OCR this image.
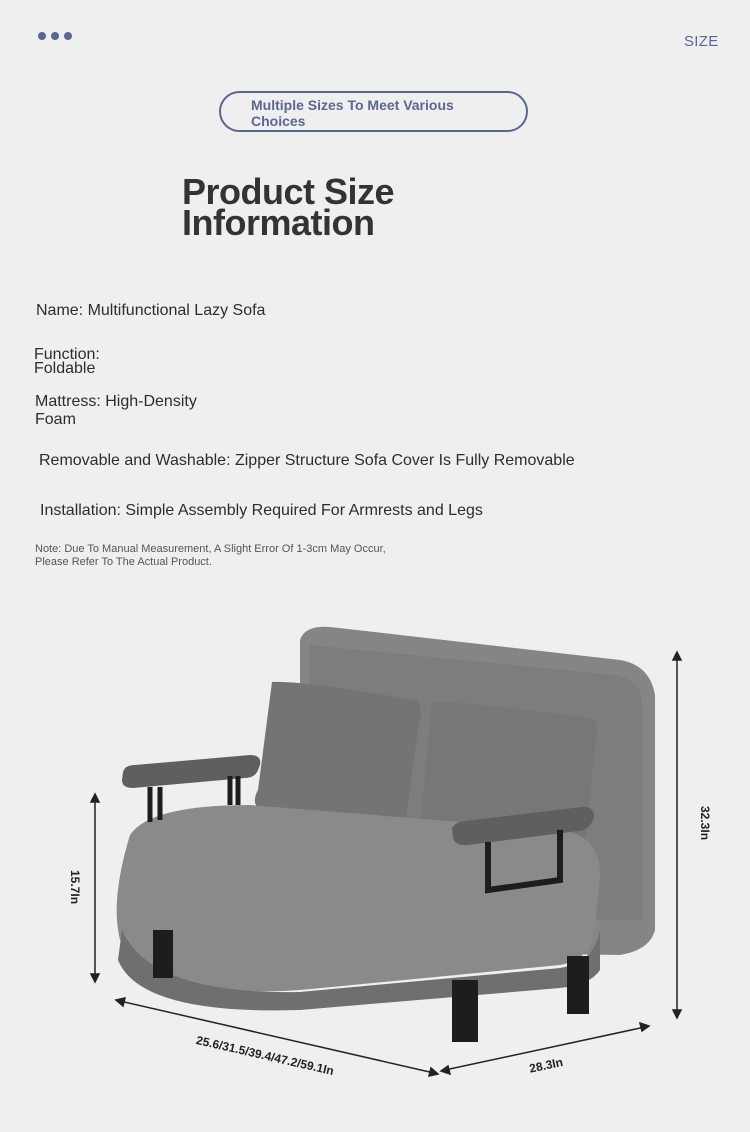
SIZE
Multiple Sizes To Meet Various Choices
Product Size
Information
Name: Multifunctional Lazy Sofa
Function:
Foldable
Mattress: High-Density
Foam
Removable and Washable: Zipper Structure Sofa Cover Is Fully Removable
Installation: Simple Assembly Required For Armrests and Legs
Note: Due To Manual Measurement, A Slight Error Of 1-3cm May Occur,
Please Refer To The Actual Product.
15.7In
32.3In
25.6/31.5/39.4/47.2/59.1In	28.3In
